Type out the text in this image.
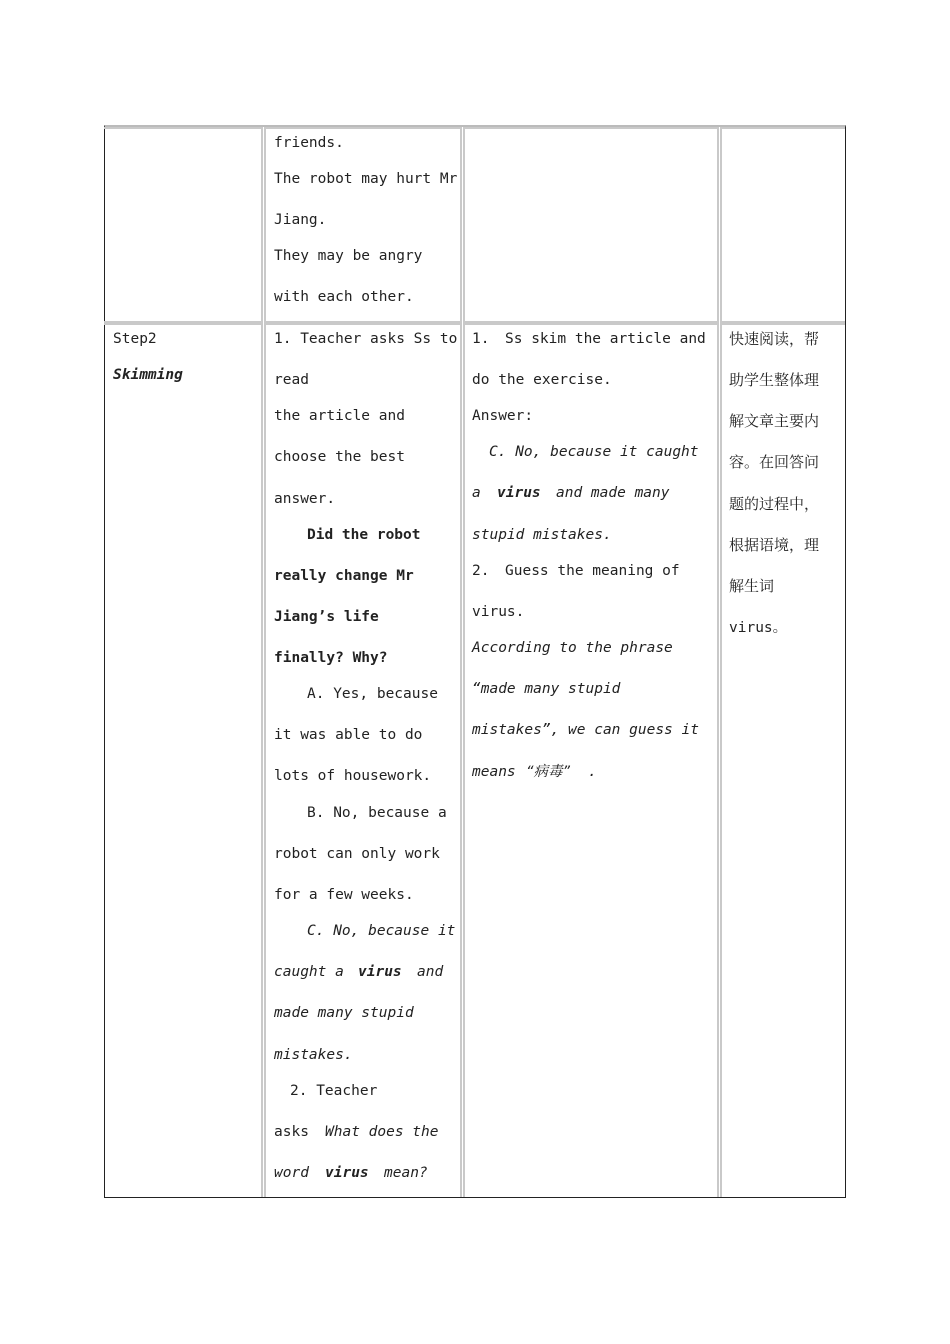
friends.
The robot may hurt Mr
Jiang.
They may be angry
with each other.
Step2
Skimming
1. Teacher asks Ss to
read
the article and
choose the best
answer.
Did the robot
really change Mr
Jiang’s life
finally? Why?
A. Yes, because
it was able to do
lots of housework.
B. No, because a
robot can only work
for a few weeks.
C. No, because it
caught a virus and
made many stupid
mistakes.
2. Teacher
asks What does the
word virus mean?
1. Ss skim the article and
do the exercise.
Answer:
C. No, because it caught
a virus and made many
stupid mistakes.
2. Guess the meaning of
virus.
According to the phrase
“made many stupid
mistakes”, we can guess it
means “病毒” .
快速阅读，帮
助学生整体理
解文章主要内
容。在回答问
题的过程中，
根据语境，理
解生词
virus。
